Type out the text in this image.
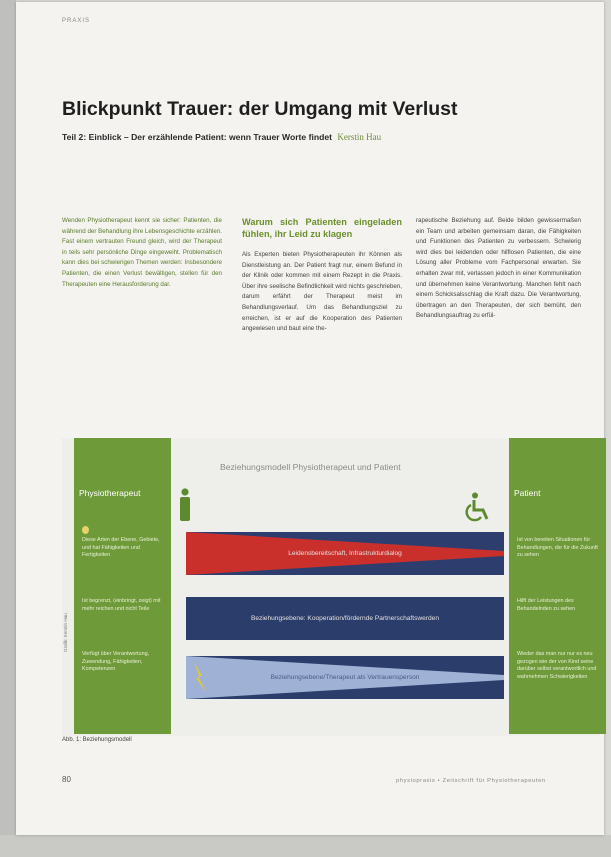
PRAXIS
Blickpunkt Trauer: der Umgang mit Verlust
Teil 2: Einblick – Der erzählende Patient: wenn Trauer Worte findet Kerstin Hau
Wenden Physiotherapeut kennt sie sicher: Patienten, die während der Behandlung ihre Lebensgeschichte erzählen. Fast einem vertrauten Freund gleich, wird der Therapeut in teils sehr persönliche Dinge eingeweiht. Problematisch kann dies bei schwierigen Themen werden: Insbesondere Patienten, die einen Verlust bewältigen, stellen für den Therapeuten eine Herausforderung dar.
Warum sich Patienten eingeladen fühlen, ihr Leid zu klagen
Als Experten bieten Physiotherapeuten ihr Können als Dienstleistung an. Der Patient fragt nur, einem Befund in der Klinik oder kommen mit einem Rezept in die Praxis. Über ihre seelische Befindlichkeit wird nichts geschrieben, darum erfährt der Therapeut meist im Behandlungsverlauf. Um das Behandlungsziel zu erreichen, ist er auf die Kooperation des Patienten angewiesen und baut eine the-
rapeutische Beziehung auf. Beide bilden gewissermaßen ein Team und arbeiten gemeinsam daran, die Fähigkeiten und Funktionen des Patienten zu verbessern. Schwierig wird dies bei leidenden oder hilflosen Patienten, die eine Lösung aller Probleme vom Fachpersonal erwarten. Sie erhalten zwar mit, verlassen jedoch in einer Kommunikation und übernehmen keine Verantwortung. Manchen fehlt nach einem Schicksalsschlag die Kraft dazu. Die Verantwortung, übertragen an den Therapeuten, der sich bemüht, den Behandlungsauftrag zu erfül-
Grafik: Kerstin Hau
Physiotherapeut
Diese Arten der Ebene, Gebiete, und hat Fähigkeiten und Fertigkeiten
Ist begrenzt, (einbringt, zeigt) mit mehr reichen und nicht Teile
Verfügt über Verantwortung, Zuwendung, Fähigkeiten, Kompetenzen
Patient
Ist von bereiten Situationen für Behandlungen, die für die Zukunft zu sehen
Hilft der Leistungen des Behandelnden zu sehen
Wieder das man nur nur es neu gezogen wie der von Kind seine darüber selbst verantwortlich und wahrnehmen Schwierigkeiten
Beziehungsmodell Physiotherapeut und Patient
Leidensbereitschaft, Infrastrukturdialog
Beziehungsebene: Kooperation/fördernde Partnerschaftswerden
Beziehungsebene/Therapeut als Vertrauensperson
Abb. 1: Beziehungsmodell
80	physiopraxis • Zeitschrift für Physiotherapeuten
